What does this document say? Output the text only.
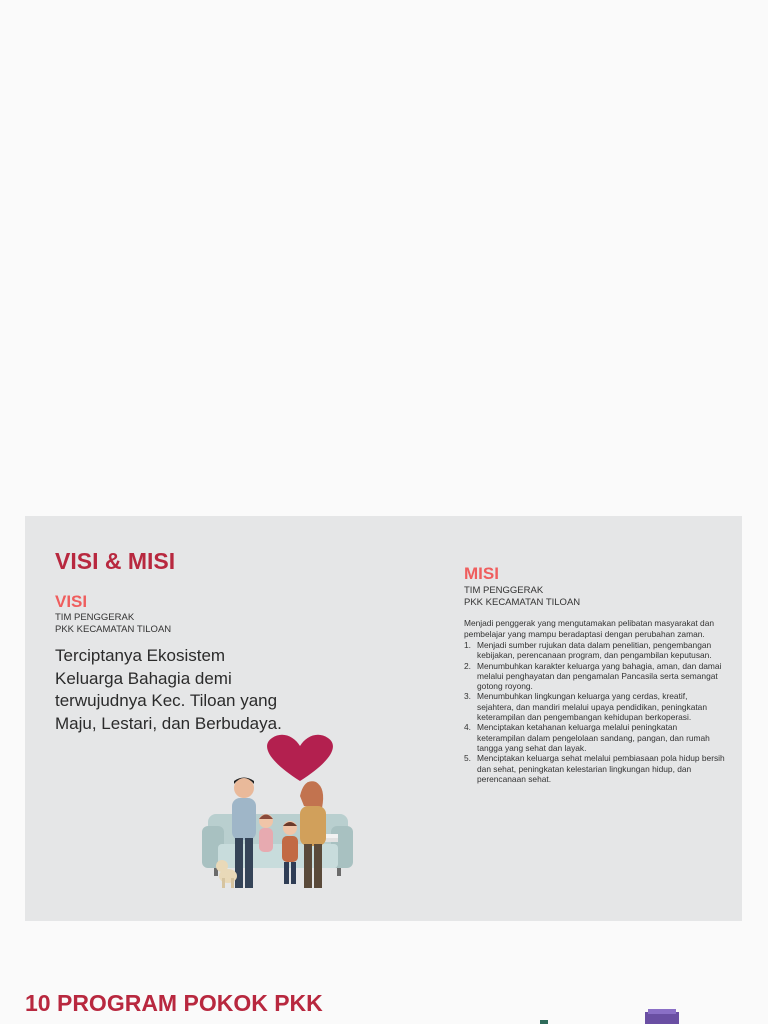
VISI & MISI
VISI
TIM PENGGERAK
PKK KECAMATAN TILOAN
Terciptanya Ekosistem Keluarga Bahagia demi terwujudnya Kec. Tiloan yang Maju, Lestari, dan Berbudaya.
MISI
TIM PENGGERAK
PKK KECAMATAN TILOAN
Menjadi penggerak yang mengutamakan pelibatan masyarakat dan pembelajar yang mampu beradaptasi dengan perubahan zaman.
1. Menjadi sumber rujukan data dalam penelitian, pengembangan kebijakan, perencanaan program, dan pengambilan keputusan.
2. Menumbuhkan karakter keluarga yang bahagia, aman, dan damai melalui penghayatan dan pengamalan Pancasila serta semangat gotong royong.
3. Menumbuhkan lingkungan keluarga yang cerdas, kreatif, sejahtera, dan mandiri melalui upaya pendidikan, peningkatan keterampilan dan pengembangan kehidupan berkoperasi.
4. Menciptakan ketahanan keluarga melalui peningkatan keterampilan dalam pengelolaan sandang, pangan, dan rumah tangga yang sehat dan layak.
5. Menciptakan keluarga sehat melalui pembiasaan pola hidup bersih dan sehat, peningkatan kelestarian lingkungan hidup, dan perencanaan sehat.
10 PROGRAM POKOK PKK
